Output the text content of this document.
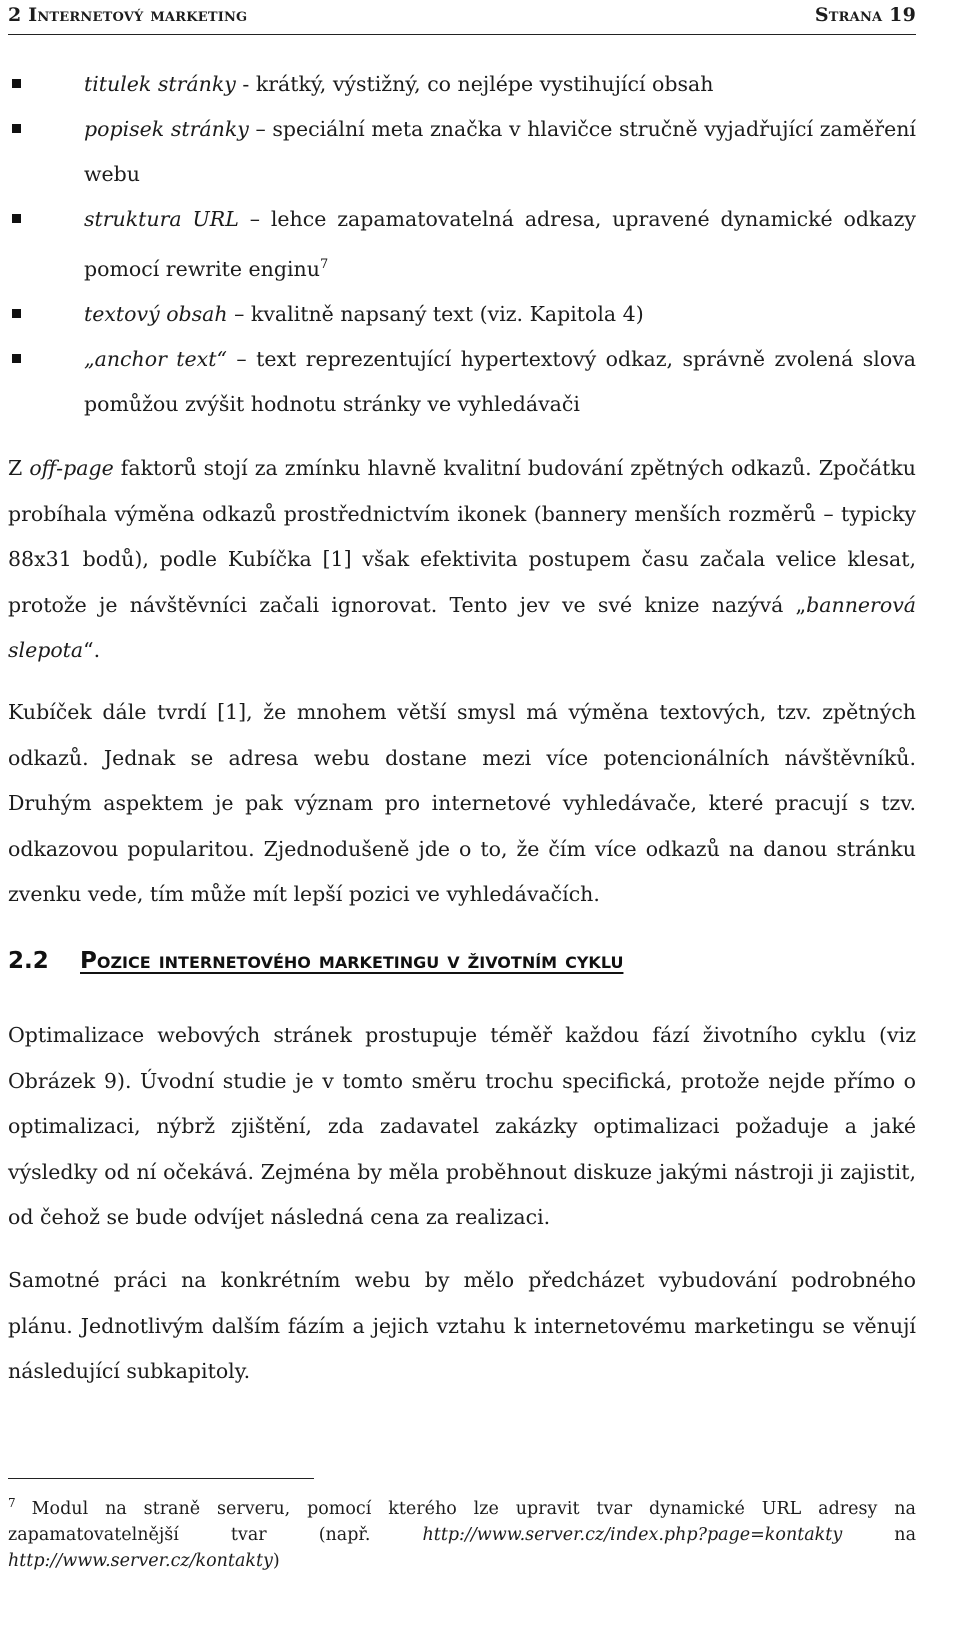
2 Internetový marketing	Strana 19
titulek stránky - krátký, výstižný, co nejlépe vystihující obsah
popisek stránky – speciální meta značka v hlavičce stručně vyjadřující zaměření webu
struktura URL – lehce zapamatovatelná adresa, upravené dynamické odkazy pomocí rewrite enginu$^7$
textový obsah – kvalitně napsaný text (viz. Kapitola 4)
„anchor text“ – text reprezentující hypertextový odkaz, správně zvolená slova pomůžou zvýšit hodnotu stránky ve vyhledávači

Z off-page faktorů stojí za zmínku hlavně kvalitní budování zpětných odkazů. Zpočátku probíhala výměna odkazů prostřednictvím ikonek (bannery menších rozměrů – typicky 88x31 bodů), podle Kubíčka [1] však efektivita postupem času začala velice klesat, protože je návštěvníci začali ignorovat. Tento jev ve své knize nazývá „bannerová slepota“.

Kubíček dále tvrdí [1], že mnohem větší smysl má výměna textových, tzv. zpětných odkazů. Jednak se adresa webu dostane mezi více potencionálních návštěvníků. Druhým aspektem je pak význam pro internetové vyhledávače, které pracují s tzv. odkazovou popularitou. Zjednodušeně jde o to, že čím více odkazů na danou stránku zvenku vede, tím může mít lepší pozici ve vyhledávačích.

2.2 Pozice internetového marketingu v životním cyklu

Optimalizace webových stránek prostupuje téměř každou fází životního cyklu (viz Obrázek 9). Úvodní studie je v tomto směru trochu specifická, protože nejde přímo o optimalizaci, nýbrž zjištění, zda zadavatel zakázky optimalizaci požaduje a jaké výsledky od ní očekává. Zejména by měla proběhnout diskuze jakými nástroji ji zajistit, od čehož se bude odvíjet následná cena za realizaci.

Samotné práci na konkrétním webu by mělo předcházet vybudování podrobného plánu. Jednotlivým dalším fázím a jejich vztahu k internetovému marketingu se věnují následující subkapitoly.

$^7$ Modul na straně serveru, pomocí kterého lze upravit tvar dynamické URL adresy na zapamatovatelnější tvar (např. http://www.server.cz/index.php?page=kontakty na http://www.server.cz/kontakty)
